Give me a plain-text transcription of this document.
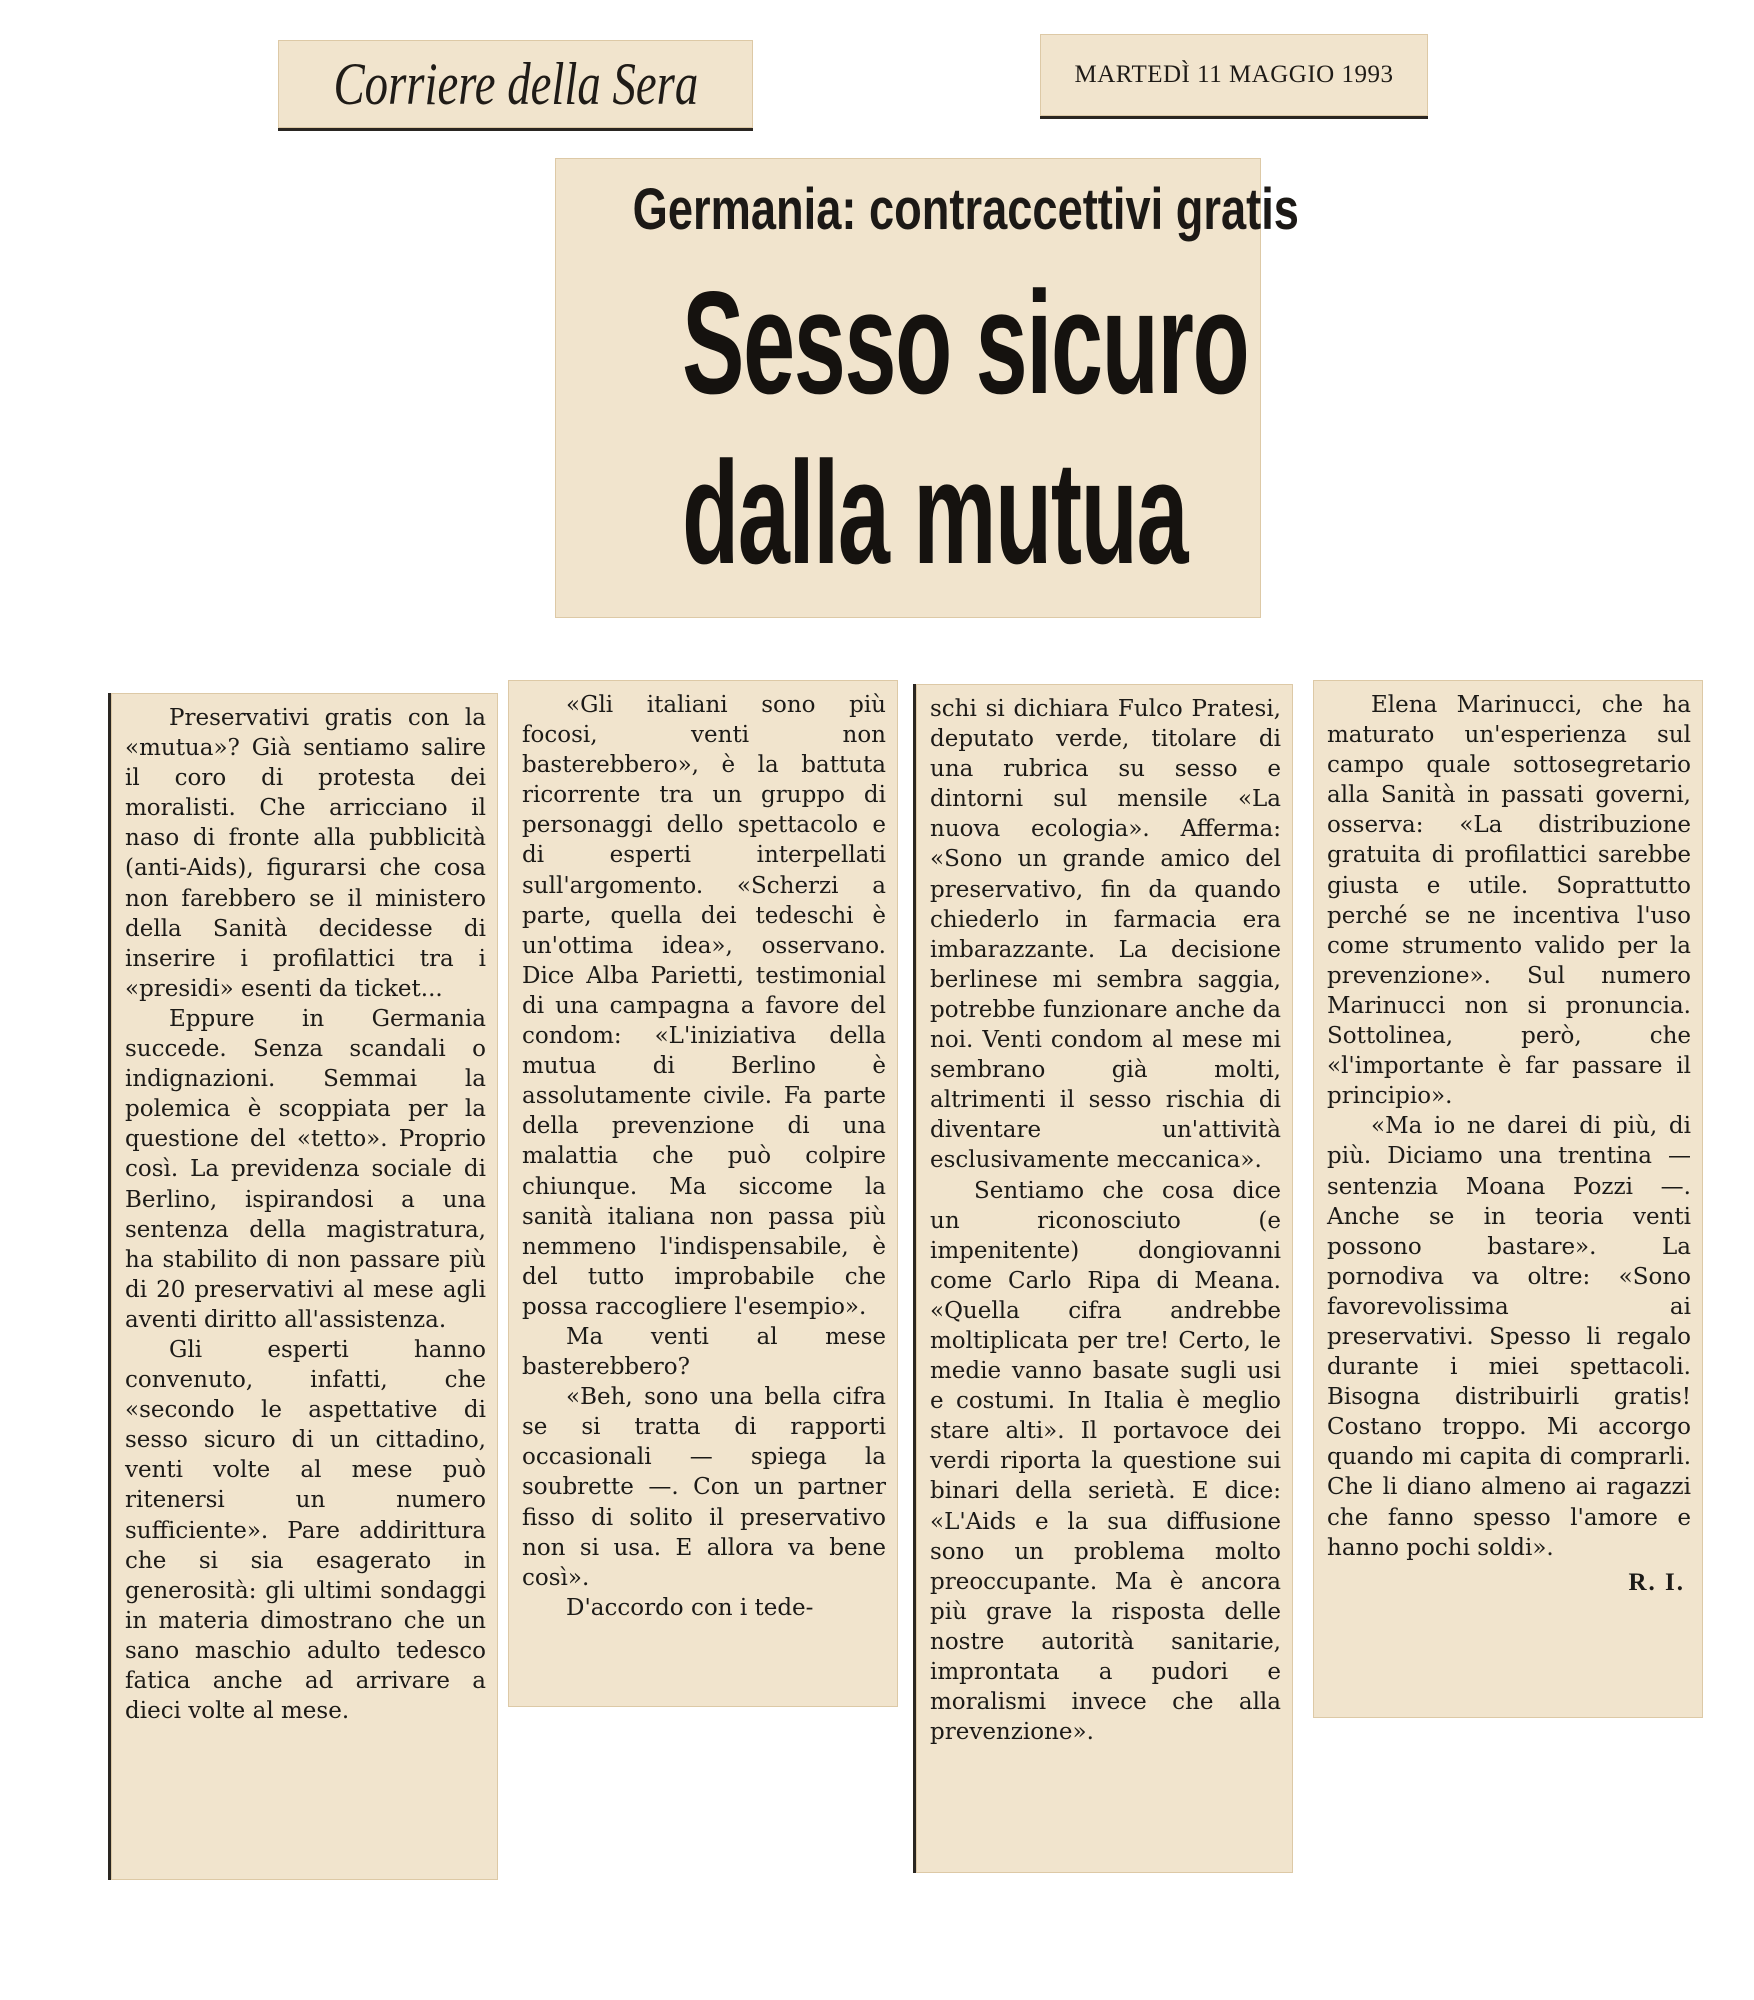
Corriere della Sera	MARTEDÌ 11 MAGGIO 1993
Germania: contraccettivi gratis
Sesso sicuro
dalla mutua

Preservativi gratis con la «mutua»? Già sentiamo salire il coro di protesta dei moralisti. Che arricciano il naso di fronte alla pubblicità (anti-Aids), figurarsi che cosa non farebbero se il ministero della Sanità decidesse di inserire i profilattici tra i «presidi» esenti da ticket...

Eppure in Germania succede. Senza scandali o indignazioni. Semmai la polemica è scoppiata per la questione del «tetto». Proprio così. La previdenza sociale di Berlino, ispirandosi a una sentenza della magistratura, ha stabilito di non passare più di 20 preservativi al mese agli aventi diritto all'assistenza.

Gli esperti hanno convenuto, infatti, che «secondo le aspettative di sesso sicuro di un cittadino, venti volte al mese può ritenersi un numero sufficiente». Pare addirittura che si sia esagerato in generosità: gli ultimi sondaggi in materia dimostrano che un sano maschio adulto tedesco fatica anche ad arrivare a dieci volte al mese.

«Gli italiani sono più focosi, venti non basterebbero», è la battuta ricorrente tra un gruppo di personaggi dello spettacolo e di esperti interpellati sull'argomento. «Scherzi a parte, quella dei tedeschi è un'ottima idea», osservano. Dice Alba Parietti, testimonial di una campagna a favore del condom: «L'iniziativa della mutua di Berlino è assolutamente civile. Fa parte della prevenzione di una malattia che può colpire chiunque. Ma siccome la sanità italiana non passa più nemmeno l'indispensabile, è del tutto improbabile che possa raccogliere l'esempio».

Ma venti al mese basterebbero?

«Beh, sono una bella cifra se si tratta di rapporti occasionali — spiega la soubrette —. Con un partner fisso di solito il preservativo non si usa. E allora va bene così».

D'accordo con i tede-

schi si dichiara Fulco Pratesi, deputato verde, titolare di una rubrica su sesso e dintorni sul mensile «La nuova ecologia». Afferma: «Sono un grande amico del preservativo, fin da quando chiederlo in farmacia era imbarazzante. La decisione berlinese mi sembra saggia, potrebbe funzionare anche da noi. Venti condom al mese mi sembrano già molti, altrimenti il sesso rischia di diventare un'attività esclusivamente meccanica».

Sentiamo che cosa dice un riconosciuto (e impenitente) dongiovanni come Carlo Ripa di Meana. «Quella cifra andrebbe moltiplicata per tre! Certo, le medie vanno basate sugli usi e costumi. In Italia è meglio stare alti». Il portavoce dei verdi riporta la questione sui binari della serietà. E dice: «L'Aids e la sua diffusione sono un problema molto preoccupante. Ma è ancora più grave la risposta delle nostre autorità sanitarie, improntata a pudori e moralismi invece che alla prevenzione».

Elena Marinucci, che ha maturato un'esperienza sul campo quale sottosegretario alla Sanità in passati governi, osserva: «La distribuzione gratuita di profilattici sarebbe giusta e utile. Soprattutto perché se ne incentiva l'uso come strumento valido per la prevenzione». Sul numero Marinucci non si pronuncia. Sottolinea, però, che «l'importante è far passare il principio».

«Ma io ne darei di più, di più. Diciamo una trentina — sentenzia Moana Pozzi —. Anche se in teoria venti possono bastare». La pornodiva va oltre: «Sono favorevolissima ai preservativi. Spesso li regalo durante i miei spettacoli. Bisogna distribuirli gratis! Costano troppo. Mi accorgo quando mi capita di comprarli. Che li diano almeno ai ragazzi che fanno spesso l'amore e hanno pochi soldi».

R. I.
